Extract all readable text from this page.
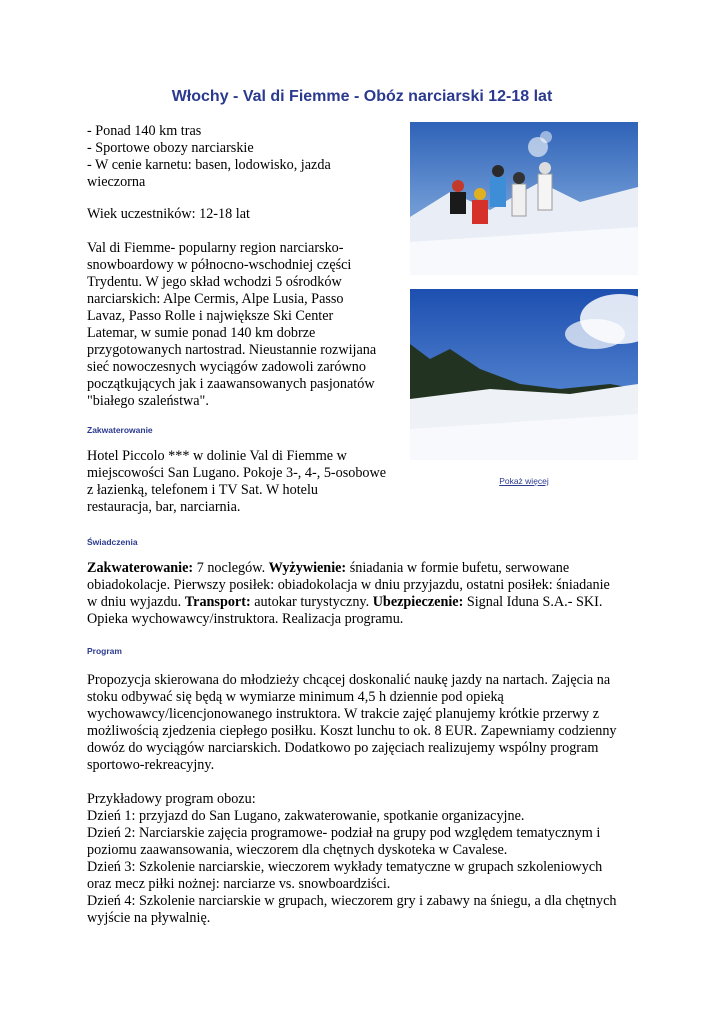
Włochy - Val di Fiemme - Obóz narciarski 12-18 lat
- Ponad 140 km tras
- Sportowe obozy narciarskie
- W cenie karnetu: basen, lodowisko, jazda
wieczorna
Wiek uczestników: 12-18 lat
Val di Fiemme- popularny region narciarsko-
snowboardowy w północno-wschodniej części
Trydentu. W jego skład wchodzi 5 ośrodków
narciarskich: Alpe Cermis, Alpe Lusia, Passo
Lavaz, Passo Rolle i największe Ski Center
Latemar, w sumie ponad 140 km dobrze
przygotowanych nartostrad. Nieustannie rozwijana
sieć nowoczesnych wyciągów zadowoli zarówno
początkujących jak i zaawansowanych pasjonatów
"białego szaleństwa".
Zakwaterowanie
Hotel Piccolo *** w dolinie Val di Fiemme w
miejscowości San Lugano. Pokoje 3-, 4-, 5-osobowe
z łazienką, telefonem i TV Sat. W hotelu
restauracja, bar, narciarnia.
Pokaż więcej
Świadczenia
Zakwaterowanie: 7 noclegów. Wyżywienie: śniadania w formie bufetu, serwowane
obiadokolacje. Pierwszy posiłek: obiadokolacja w dniu przyjazdu, ostatni posiłek: śniadanie
w dniu wyjazdu. Transport: autokar turystyczny. Ubezpieczenie: Signal Iduna S.A.- SKI.
Opieka wychowawcy/instruktora. Realizacja programu.
Program
Propozycja skierowana do młodzieży chcącej doskonalić naukę jazdy na nartach. Zajęcia na
stoku odbywać się będą w wymiarze minimum 4,5 h dziennie pod opieką
wychowawcy/licencjonowanego instruktora. W trakcie zajęć planujemy krótkie przerwy z
możliwością zjedzenia ciepłego posiłku. Koszt lunchu to ok. 8 EUR. Zapewniamy codzienny
dowóz do wyciągów narciarskich. Dodatkowo po zajęciach realizujemy wspólny program
sportowo-rekreacyjny.
Przykładowy program obozu:
Dzień 1: przyjazd do San Lugano, zakwaterowanie, spotkanie organizacyjne.
Dzień 2: Narciarskie zajęcia programowe- podział na grupy pod względem tematycznym i
poziomu zaawansowania, wieczorem dla chętnych dyskoteka w Cavalese.
Dzień 3: Szkolenie narciarskie, wieczorem wykłady tematyczne w grupach szkoleniowych
oraz mecz piłki nożnej: narciarze vs. snowboardziści.
Dzień 4: Szkolenie narciarskie w grupach, wieczorem gry i zabawy na śniegu, a dla chętnych
wyjście na pływalnię.
